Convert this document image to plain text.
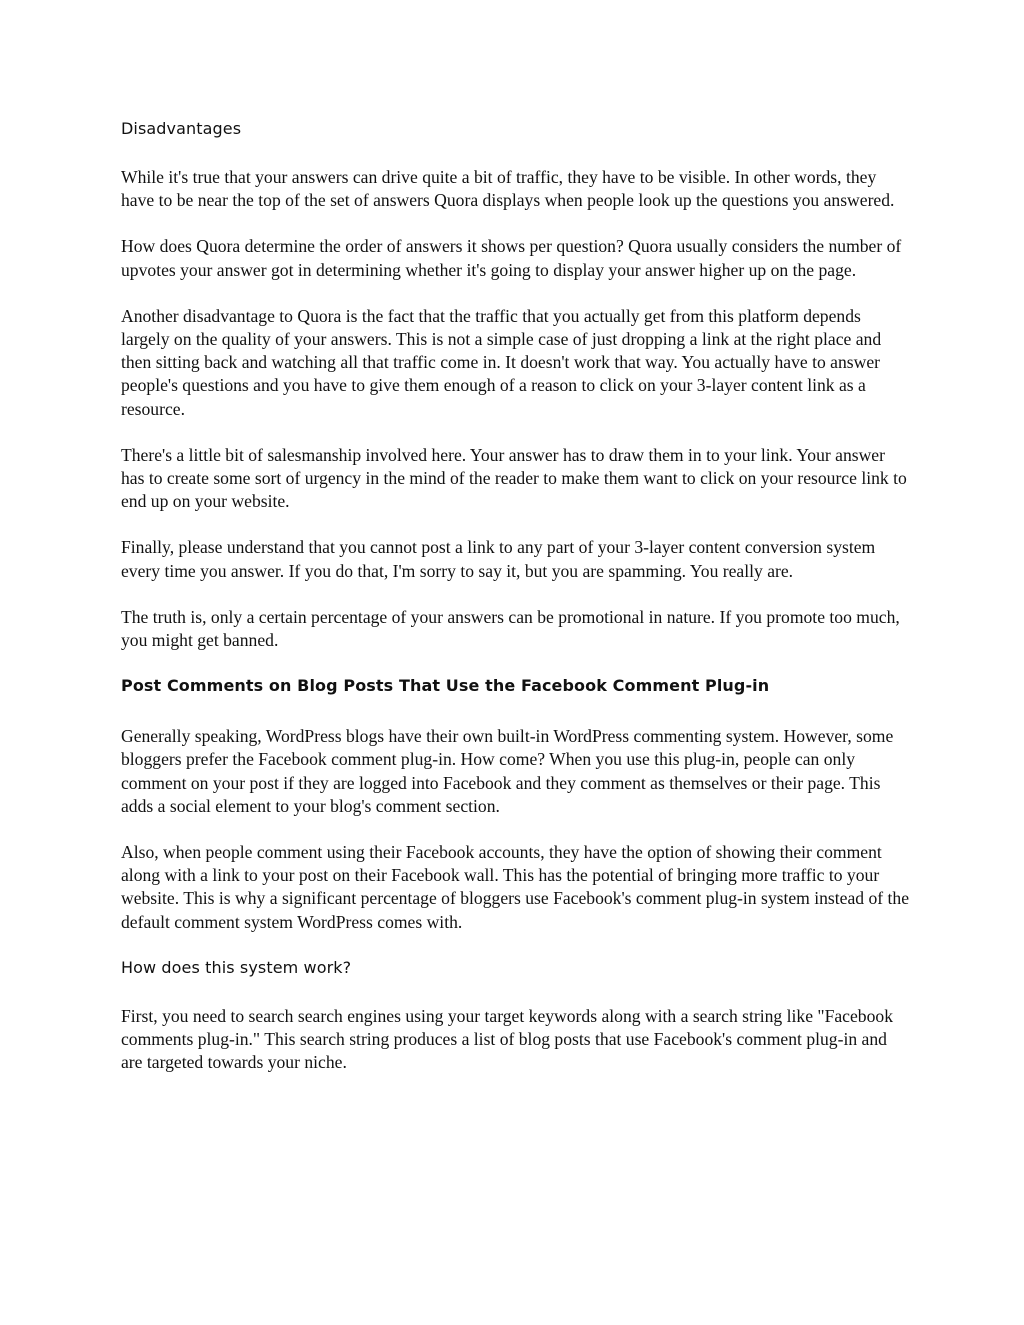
Disadvantages

While it's true that your answers can drive quite a bit of traffic, they have to be visible. In other words, they have to be near the top of the set of answers Quora displays when people look up the questions you answered.

How does Quora determine the order of answers it shows per question? Quora usually considers the number of upvotes your answer got in determining whether it's going to display your answer higher up on the page.

Another disadvantage to Quora is the fact that the traffic that you actually get from this platform depends largely on the quality of your answers. This is not a simple case of just dropping a link at the right place and then sitting back and watching all that traffic come in. It doesn't work that way. You actually have to answer people's questions and you have to give them enough of a reason to click on your 3-layer content link as a resource.

There's a little bit of salesmanship involved here. Your answer has to draw them in to your link. Your answer has to create some sort of urgency in the mind of the reader to make them want to click on your resource link to end up on your website.

Finally, please understand that you cannot post a link to any part of your 3-layer content conversion system every time you answer. If you do that, I'm sorry to say it, but you are spamming. You really are.

The truth is, only a certain percentage of your answers can be promotional in nature. If you promote too much, you might get banned.

Post Comments on Blog Posts That Use the Facebook Comment Plug-in

Generally speaking, WordPress blogs have their own built-in WordPress commenting system. However, some bloggers prefer the Facebook comment plug-in. How come? When you use this plug-in, people can only comment on your post if they are logged into Facebook and they comment as themselves or their page. This adds a social element to your blog's comment section.

Also, when people comment using their Facebook accounts, they have the option of showing their comment along with a link to your post on their Facebook wall. This has the potential of bringing more traffic to your website. This is why a significant percentage of bloggers use Facebook's comment plug-in system instead of the default comment system WordPress comes with.

How does this system work?

First, you need to search search engines using your target keywords along with a search string like "Facebook comments plug-in." This search string produces a list of blog posts that use Facebook's comment plug-in and are targeted towards your niche.
